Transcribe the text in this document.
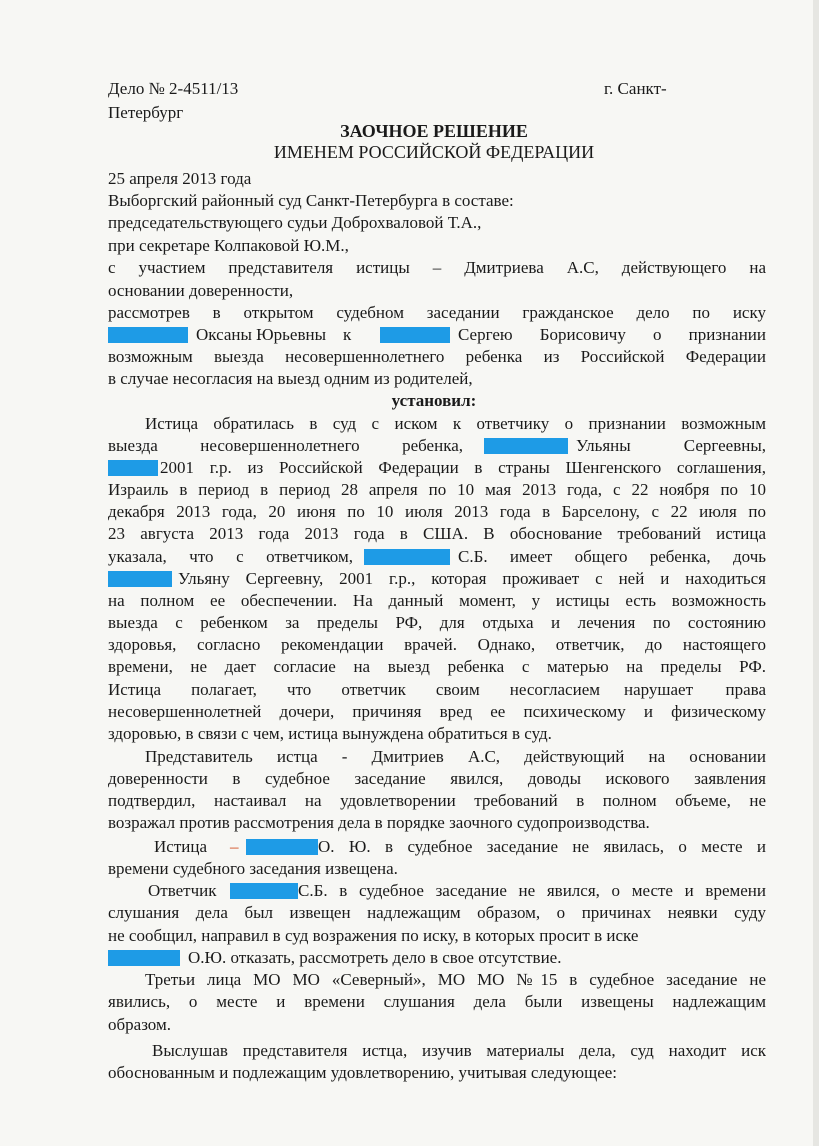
Дело № 2-4511/13	г. Санкт-
Петербург
ЗАОЧНОЕ РЕШЕНИЕ
ИМЕНЕМ РОССИЙСКОЙ ФЕДЕРАЦИИ
25 апреля 2013 года
Выборгский районный суд Санкт-Петербурга в составе:
председательствующего судьи Доброхваловой Т.А.,
при секретаре Колпаковой Ю.М.,
с участием представителя истицы – Дмитриева А.С, действующего на
основании доверенности,
рассмотрев в открытом судебном заседании гражданское дело по иску
Оксаны Юрьевны к	Сергею Борисовичу о признании
возможным выезда несовершеннолетнего ребенка из Российской Федерации
в случае несогласия на выезд одним из родителей,
установил:
Истица обратилась в суд с иском к ответчику о признании возможным
выезда несовершеннолетнего ребенка,	Ульяны Сергеевны,
2001 г.р. из Российской Федерации в страны Шенгенского соглашения,
Израиль в период в период 28 апреля по 10 мая 2013 года, с 22 ноября по 10
декабря 2013 года, 20 июня по 10 июля 2013 года в Барселону, с 22 июля по
23 августа 2013 года 2013 года в США. В обоснование требований истица
указала, что с ответчиком,	С.Б. имеет общего ребенка, дочь
Ульяну Сергеевну, 2001 г.р., которая проживает с ней и находиться
на полном ее обеспечении. На данный момент, у истицы есть возможность
выезда с ребенком за пределы РФ, для отдыха и лечения по состоянию
здоровья, согласно рекомендации врачей. Однако, ответчик, до настоящего
времени, не дает согласие на выезд ребенка с матерью на пределы РФ.
Истица полагает, что ответчик своим несогласием нарушает права
несовершеннолетней дочери, причиняя вред ее психическому и физическому
здоровью, в связи с чем, истица вынуждена обратиться в суд.
Представитель истца - Дмитриев А.С, действующий на основании
доверенности в судебное заседание явился, доводы искового заявления
подтвердил, настаивал на удовлетворении требований в полном объеме, не
возражал против рассмотрения дела в порядке заочного судопроизводства.
Истица –	О. Ю. в судебное заседание не явилась, о месте и
времени судебного заседания извещена.
Ответчик	С.Б. в судебное заседание не явился, о месте и времени
слушания дела был извещен надлежащим образом, о причинах неявки суду
не сообщил, направил в суд возражения по иску, в которых просит в иске
О.Ю. отказать, рассмотреть дело в свое отсутствие.
Третьи лица МО МО «Северный», МО МО №15 в судебное заседание не
явились, о месте и времени слушания дела были извещены надлежащим
образом.
Выслушав представителя истца, изучив материалы дела, суд находит иск
обоснованным и подлежащим удовлетворению, учитывая следующее:
